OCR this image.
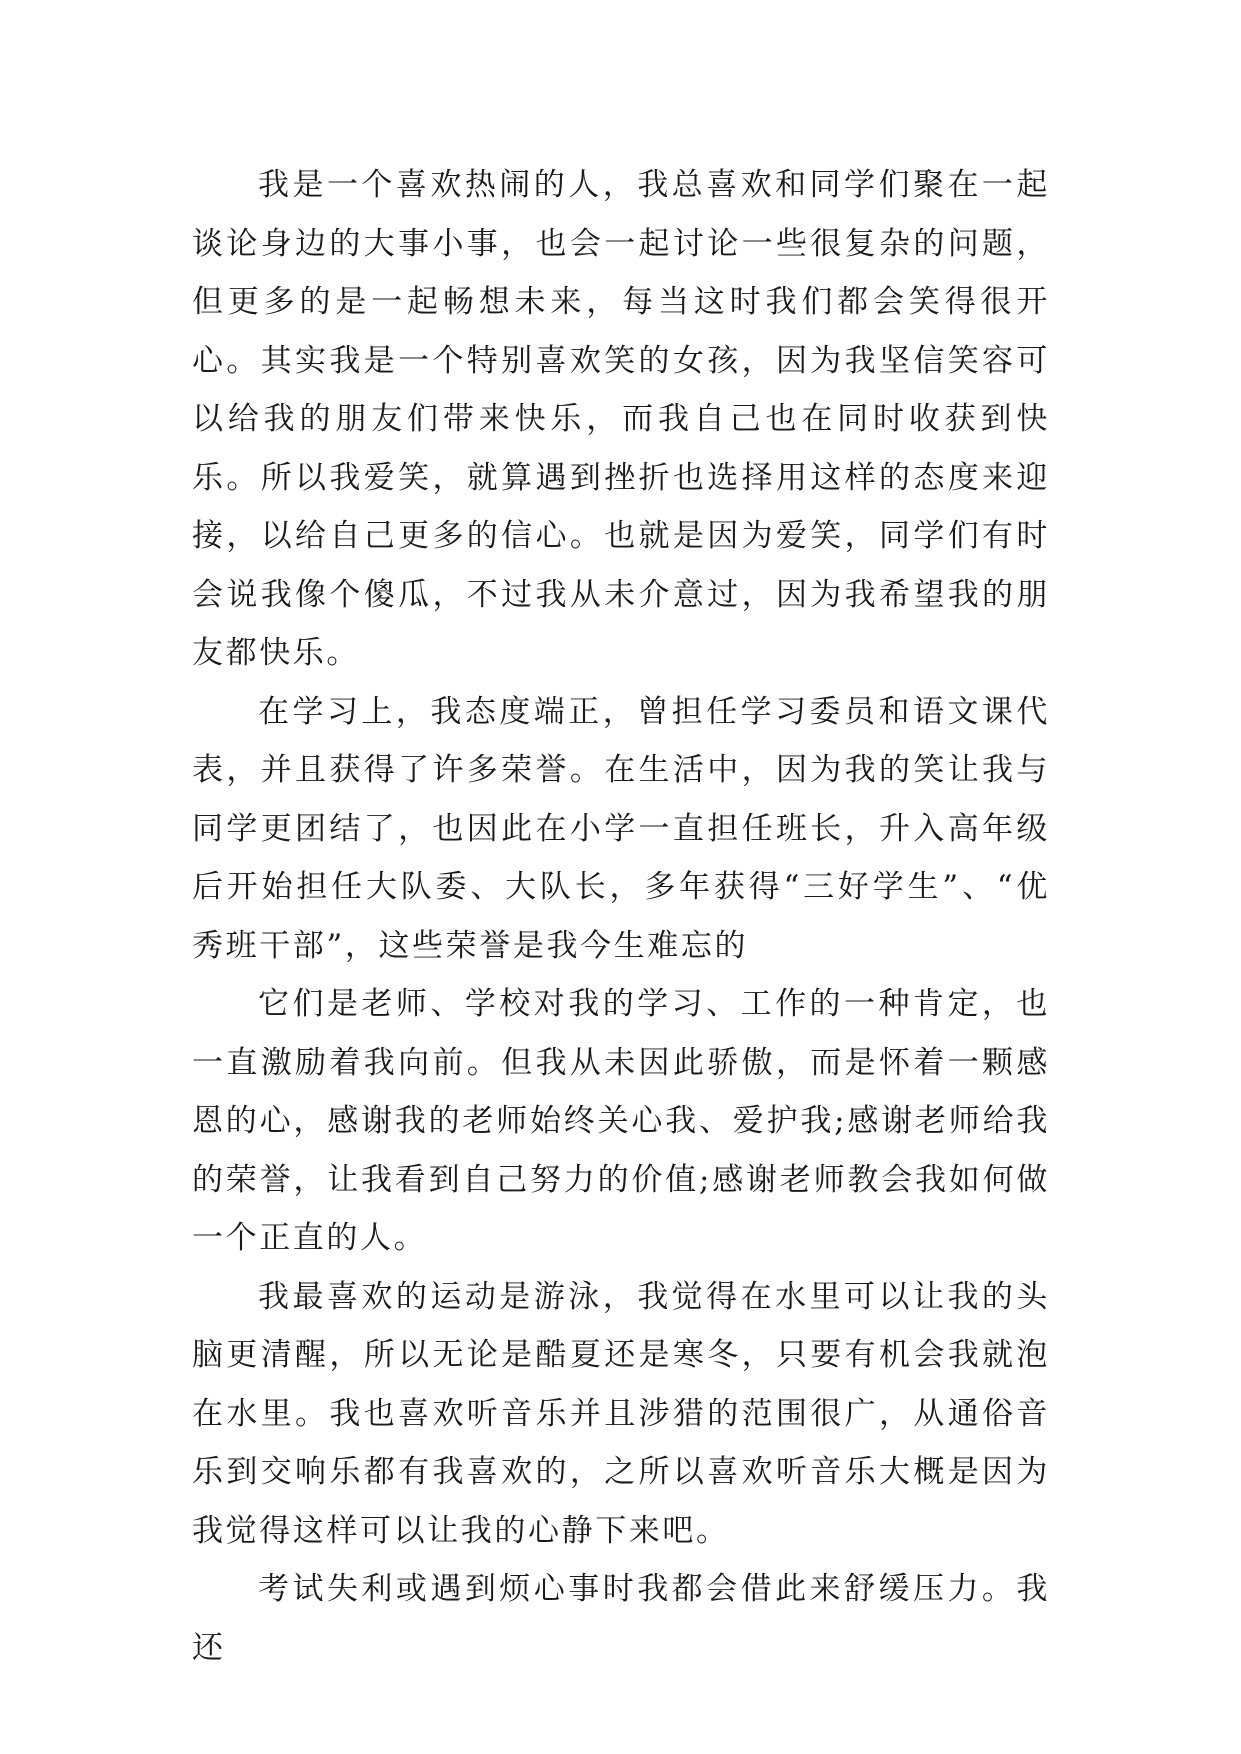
我是一个喜欢热闹的人，我总喜欢和同学们聚在一起谈论身边的大事小事，也会一起讨论一些很复杂的问题，但更多的是一起畅想未来，每当这时我们都会笑得很开心。其实我是一个特别喜欢笑的女孩，因为我坚信笑容可以给我的朋友们带来快乐，而我自己也在同时收获到快乐。所以我爱笑，就算遇到挫折也选择用这样的态度来迎接，以给自己更多的信心。也就是因为爱笑，同学们有时会说我像个傻瓜，不过我从未介意过，因为我希望我的朋友都快乐。

在学习上，我态度端正，曾担任学习委员和语文课代表，并且获得了许多荣誉。在生活中，因为我的笑让我与同学更团结了，也因此在小学一直担任班长，升入高年级后开始担任大队委、大队长，多年获得“三好学生”、“优秀班干部”，这些荣誉是我今生难忘的

它们是老师、学校对我的学习、工作的一种肯定，也一直激励着我向前。但我从未因此骄傲，而是怀着一颗感恩的心，感谢我的老师始终关心我、爱护我;感谢老师给我的荣誉，让我看到自己努力的价值;感谢老师教会我如何做一个正直的人。

我最喜欢的运动是游泳，我觉得在水里可以让我的头脑更清醒，所以无论是酷夏还是寒冬，只要有机会我就泡在水里。我也喜欢听音乐并且涉猎的范围很广，从通俗音乐到交响乐都有我喜欢的，之所以喜欢听音乐大概是因为我觉得这样可以让我的心静下来吧。

考试失利或遇到烦心事时我都会借此来舒缓压力。我还
